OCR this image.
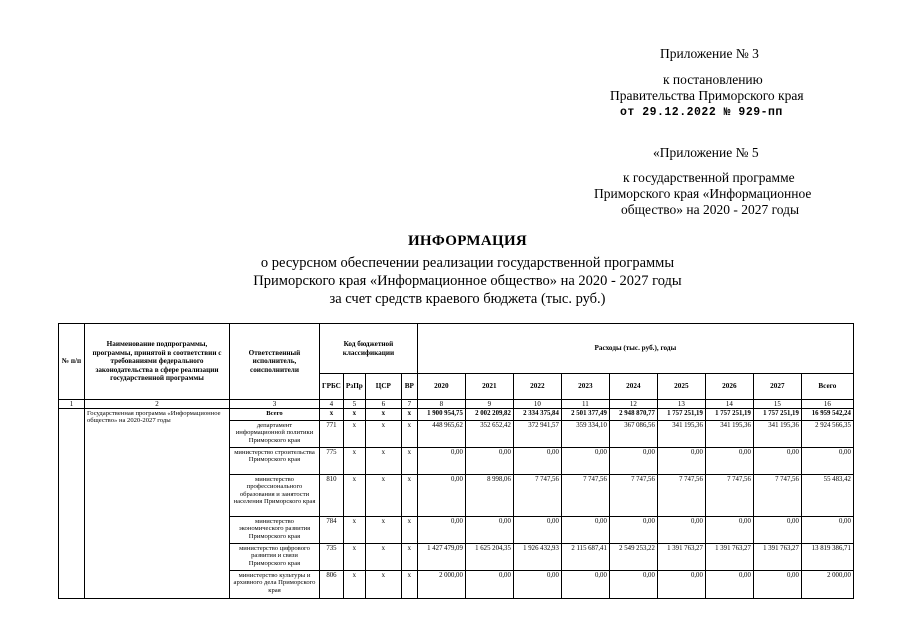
Приложение № 3
к постановлению
Правительства Приморского края
от 29.12.2022 № 929-пп
«Приложение № 5
к государственной программе
Приморского края «Информационное
общество» на 2020 - 2027 годы
ИНФОРМАЦИЯ
о ресурсном обеспечении реализации государственной программы
Приморского края «Информационное общество» на 2020 - 2027 годы
за счет средств краевого бюджета (тыс. руб.)
№ п/п	Наименование подпрограммы, программы, принятой в соответствии с требованиями федерального законодательства в сфере реализации государственной программы	Ответственный исполнитель, соисполнители	Код бюджетной классификации				Расходы (тыс. руб.), годы								
			ГРБС	РзПр	ЦСР	ВР	2020	2021	2022	2023	2024	2025	2026	2027	Всего
1	2	3	4	5	6	7	8	9	10	11	12	13	14	15	16
	Государственная программа «Информационное общество» на 2020-2027 годы	Всего	x	x	x	x	1 900 954,75	2 002 209,82	2 334 375,84	2 501 377,49	2 948 870,77	1 757 251,19	1 757 251,19	1 757 251,19	16 959 542,24
		департамент информационной политики Приморского края	771	x	x	x	448 965,62	352 652,42	372 941,57	359 334,10	367 086,56	341 195,36	341 195,36	341 195,36	2 924 566,35
		министерство строительства Приморского края	775	x	x	x	0,00	0,00	0,00	0,00	0,00	0,00	0,00	0,00	0,00
		министерство профессионального образования и занятости населения Приморского края	810	x	x	x	0,00	8 998,06	7 747,56	7 747,56	7 747,56	7 747,56	7 747,56	7 747,56	55 483,42
		министерство экономического развития Приморского края	784	x	x	x	0,00	0,00	0,00	0,00	0,00	0,00	0,00	0,00	0,00
		министерство цифрового развития и связи Приморского края	735	x	x	x	1 427 479,09	1 625 204,35	1 926 432,93	2 115 687,41	2 549 253,22	1 391 763,27	1 391 763,27	1 391 763,27	13 819 386,71
		министерство культуры и архивного дела Приморского края	806	x	x	x	2 000,00	0,00	0,00	0,00	0,00	0,00	0,00	0,00	2 000,00
